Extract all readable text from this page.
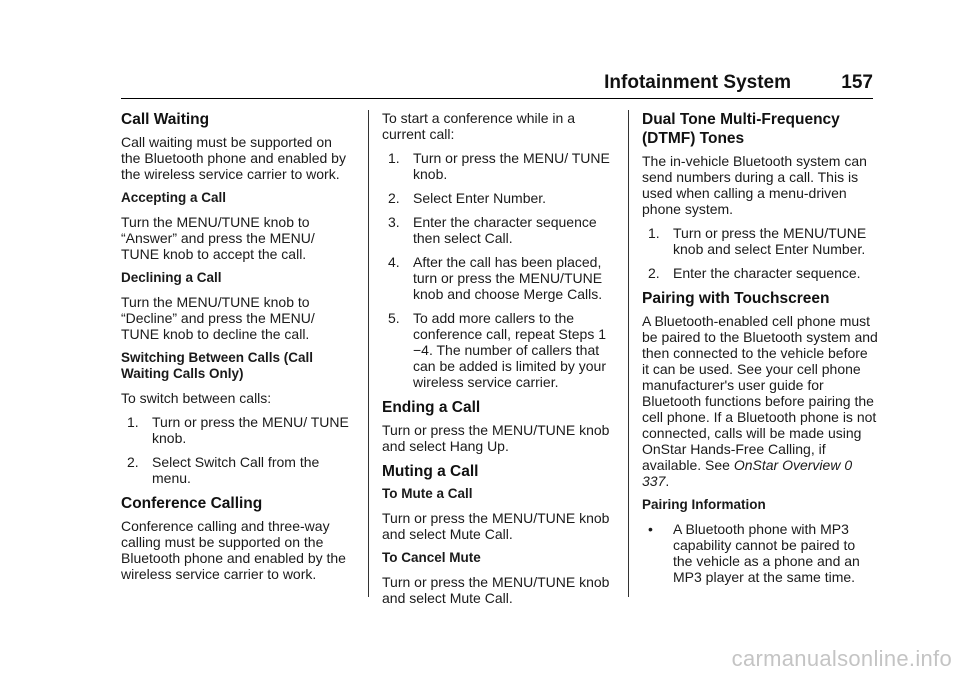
Infotainment System	157
Call Waiting

Call waiting must be supported on the Bluetooth phone and enabled by the wireless service carrier to work.

Accepting a Call

Turn the MENU/TUNE knob to “Answer” and press the MENU/ TUNE knob to accept the call.

Declining a Call

Turn the MENU/TUNE knob to “Decline” and press the MENU/ TUNE knob to decline the call.

Switching Between Calls (Call Waiting Calls Only)

To switch between calls:

1. Turn or press the MENU/ TUNE knob.
2. Select Switch Call from the menu.
Conference Calling

Conference calling and three-way calling must be supported on the Bluetooth phone and enabled by the wireless service carrier to work.

To start a conference while in a current call:

1. Turn or press the MENU/ TUNE knob.
2. Select Enter Number.
3. Enter the character sequence then select Call.
4. After the call has been placed, turn or press the MENU/TUNE knob and choose Merge Calls.
5. To add more callers to the conference call, repeat Steps 1 −4. The number of callers that can be added is limited by your wireless service carrier.
Ending a Call

Turn or press the MENU/TUNE knob and select Hang Up.

Muting a Call
To Mute a Call

Turn or press the MENU/TUNE knob and select Mute Call.

To Cancel Mute

Turn or press the MENU/TUNE knob and select Mute Call.

Dual Tone Multi-Frequency (DTMF) Tones

The in-vehicle Bluetooth system can send numbers during a call. This is used when calling a menu-driven phone system.

1. Turn or press the MENU/TUNE knob and select Enter Number.
2. Enter the character sequence.
Pairing with Touchscreen

A Bluetooth-enabled cell phone must be paired to the Bluetooth system and then connected to the vehicle before it can be used. See your cell phone manufacturer's user guide for Bluetooth functions before pairing the cell phone. If a Bluetooth phone is not connected, calls will be made using OnStar Hands-Free Calling, if available. See OnStar Overview 0 337.

Pairing Information
• A Bluetooth phone with MP3 capability cannot be paired to the vehicle as a phone and an MP3 player at the same time.
carmanualsonline.info
